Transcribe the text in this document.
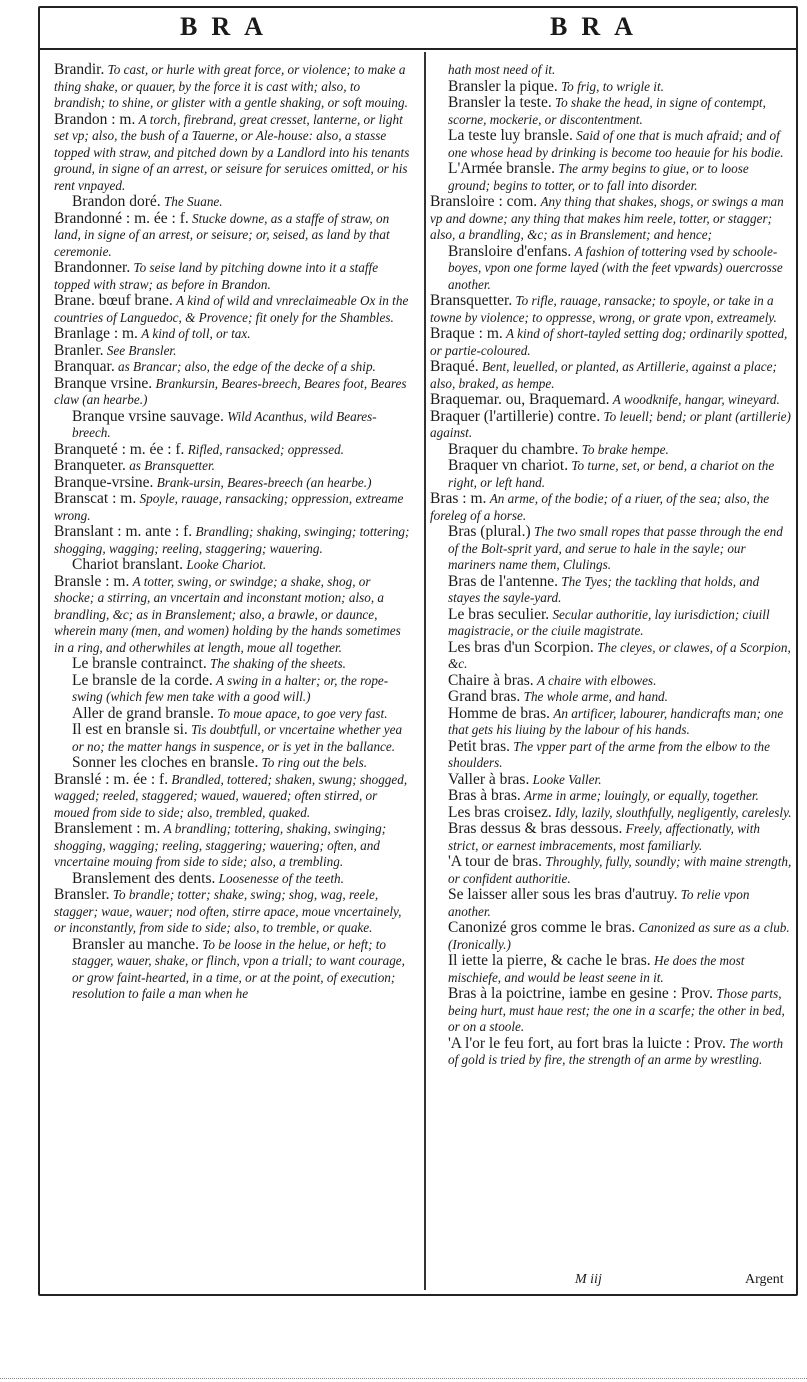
BRA	BRA

Brandir. To cast, or hurle with great force, or violence; to make a thing shake, or quauer, by the force it is cast with; also, to brandish; to shine, or glister with a gentle shaking, or soft mouing.

Brandon : m. A torch, firebrand, great cresset, lanterne, or light set vp; also, the bush of a Tauerne, or Ale-house: also, a stasse topped with straw, and pitched down by a Landlord into his tenants ground, in signe of an arrest, or seisure for seruices omitted, or his rent vnpayed.

Brandon doré. The Suane.

Brandonné : m. ée : f. Stucke downe, as a staffe of straw, on land, in signe of an arrest, or seisure; or, seised, as land by that ceremonie.

Brandonner. To seise land by pitching downe into it a staffe topped with straw; as before in Brandon.

Brane. bœuf brane. A kind of wild and vnreclaimeable Ox in the countries of Languedoc, & Provence; fit onely for the Shambles.

Branlage : m. A kind of toll, or tax.

Branler. See Bransler.

Branquar. as Brancar; also, the edge of the decke of a ship.

Branque vrsine. Brankursin, Beares-breech, Beares foot, Beares claw (an hearbe.)

Branque vrsine sauvage. Wild Acanthus, wild Beares-breech.

Branqueté : m. ée : f. Rifled, ransacked; oppressed.

Branqueter. as Bransquetter.

Branque-vrsine. Brank-ursin, Beares-breech (an hearbe.)

Branscat : m. Spoyle, rauage, ransacking; oppression, extreame wrong.

Branslant : m. ante : f. Brandling; shaking, swinging; tottering; shogging, wagging; reeling, staggering; wauering.

Chariot branslant. Looke Chariot.

Bransle : m. A totter, swing, or swindge; a shake, shog, or shocke; a stirring, an vncertain and inconstant motion; also, a brandling, &c; as in Branslement; also, a brawle, or daunce, wherein many (men, and women) holding by the hands sometimes in a ring, and otherwhiles at length, moue all together.

Le bransle contrainct. The shaking of the sheets.

Le bransle de la corde. A swing in a halter; or, the rope-swing (which few men take with a good will.)

Aller de grand bransle. To moue apace, to goe very fast.

Il est en bransle si. Tis doubtfull, or vncertaine whether yea or no; the matter hangs in suspence, or is yet in the ballance.

Sonner les cloches en bransle. To ring out the bels.

Branslé : m. ée : f. Brandled, tottered; shaken, swung; shogged, wagged; reeled, staggered; waued, wauered; often stirred, or moued from side to side; also, trembled, quaked.

Branslement : m. A brandling; tottering, shaking, swinging; shogging, wagging; reeling, staggering; wauering; often, and vncertaine mouing from side to side; also, a trembling.

Branslement des dents. Loosenesse of the teeth.

Bransler. To brandle; totter; shake, swing; shog, wag, reele, stagger; waue, wauer; nod often, stirre apace, moue vncertainely, or inconstantly, from side to side; also, to tremble, or quake.

Bransler au manche. To be loose in the helue, or heft; to stagger, wauer, shake, or flinch, vpon a triall; to want courage, or grow faint-hearted, in a time, or at the point, of execution; resolution to faile a man when he

hath most need of it.

Bransler la pique. To frig, to wrigle it.

Bransler la teste. To shake the head, in signe of contempt, scorne, mockerie, or discontentment.

La teste luy bransle. Said of one that is much afraid; and of one whose head by drinking is become too heauie for his bodie.

L'Armée bransle. The army begins to giue, or to loose ground; begins to totter, or to fall into disorder.

Bransloire : com. Any thing that shakes, shogs, or swings a man vp and downe; any thing that makes him reele, totter, or stagger; also, a brandling, &c; as in Branslement; and hence;

Bransloire d'enfans. A fashion of tottering vsed by schoole-boyes, vpon one forme layed (with the feet vpwards) ouercrosse another.

Bransquetter. To rifle, rauage, ransacke; to spoyle, or take in a towne by violence; to oppresse, wrong, or grate vpon, extreamely.

Braque : m. A kind of short-tayled setting dog; ordinarily spotted, or partie-coloured.

Braqué. Bent, leuelled, or planted, as Artillerie, against a place; also, braked, as hempe.

Braquemar. ou, Braquemard. A woodknife, hangar, wineyard.

Braquer (l'artillerie) contre. To leuell; bend; or plant (artillerie) against.

Braquer du chambre. To brake hempe.

Braquer vn chariot. To turne, set, or bend, a chariot on the right, or left hand.

Bras : m. An arme, of the bodie; of a riuer, of the sea; also, the foreleg of a horse.

Bras (plural.) The two small ropes that passe through the end of the Bolt-sprit yard, and serue to hale in the sayle; our mariners name them, Clulings.

Bras de l'antenne. The Tyes; the tackling that holds, and stayes the sayle-yard.

Le bras seculier. Secular authoritie, lay iurisdiction; ciuill magistracie, or the ciuile magistrate.

Les bras d'un Scorpion. The cleyes, or clawes, of a Scorpion, &c.

Chaire à bras. A chaire with elbowes.

Grand bras. The whole arme, and hand.

Homme de bras. An artificer, labourer, handicrafts man; one that gets his liuing by the labour of his hands.

Petit bras. The vpper part of the arme from the elbow to the shoulders.

Valler à bras. Looke Valler.

Bras à bras. Arme in arme; louingly, or equally, together.

Les bras croisez. Idly, lazily, slouthfully, negligently, carelesly.

Bras dessus & bras dessous. Freely, affectionatly, with strict, or earnest imbracements, most familiarly.

'A tour de bras. Throughly, fully, soundly; with maine strength, or confident authoritie.

Se laisser aller sous les bras d'autruy. To relie vpon another.

Canonizé gros comme le bras. Canonized as sure as a club. (Ironically.)

Il iette la pierre, & cache le bras. He does the most mischiefe, and would be least seene in it.

Bras à la poictrine, iambe en gesine : Prov. Those parts, being hurt, must haue rest; the one in a scarfe; the other in bed, or on a stoole.

'A l'or le feu fort, au fort bras la luicte : Prov. The worth of gold is tried by fire, the strength of an arme by wrestling.

M iij	Argent
